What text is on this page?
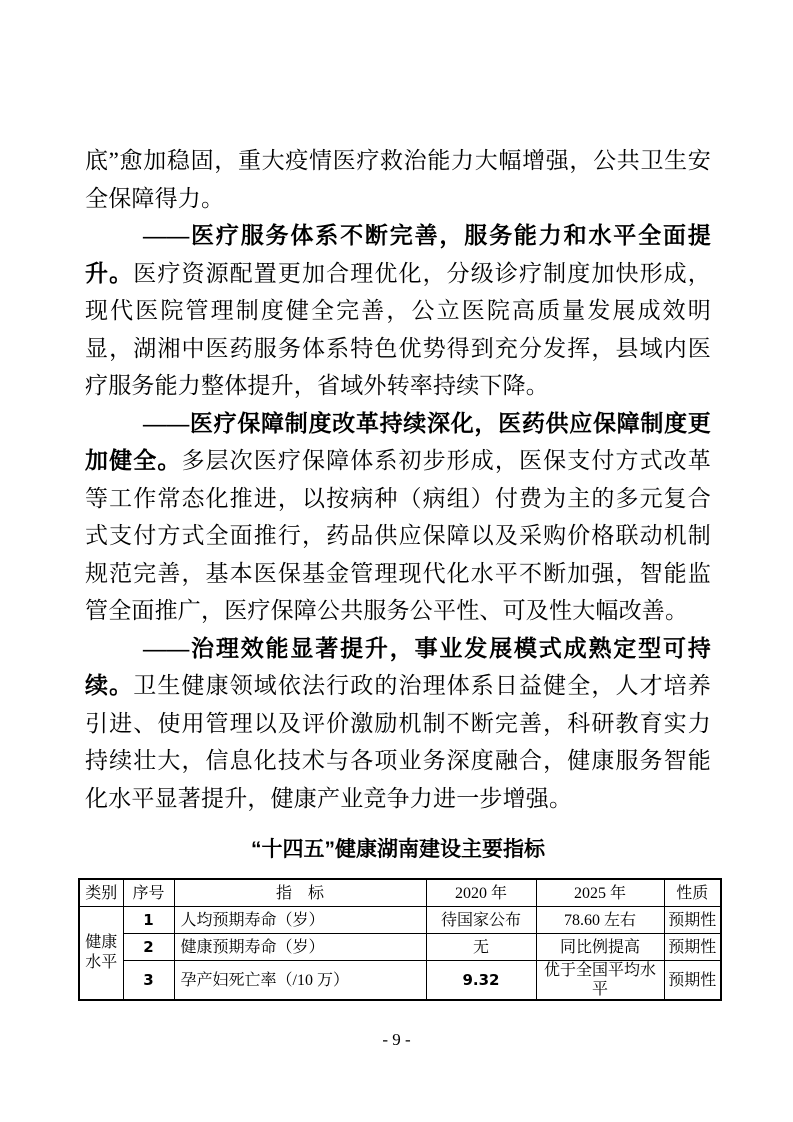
底”愈加稳固，重大疫情医疗救治能力大幅增强，公共卫生安全保障得力。

——医疗服务体系不断完善，服务能力和水平全面提升。医疗资源配置更加合理优化，分级诊疗制度加快形成，现代医院管理制度健全完善，公立医院高质量发展成效明显，湖湘中医药服务体系特色优势得到充分发挥，县域内医疗服务能力整体提升，省域外转率持续下降。

——医疗保障制度改革持续深化，医药供应保障制度更加健全。多层次医疗保障体系初步形成，医保支付方式改革等工作常态化推进，以按病种（病组）付费为主的多元复合式支付方式全面推行，药品供应保障以及采购价格联动机制规范完善，基本医保基金管理现代化水平不断加强，智能监管全面推广，医疗保障公共服务公平性、可及性大幅改善。

——治理效能显著提升，事业发展模式成熟定型可持续。卫生健康领域依法行政的治理体系日益健全，人才培养引进、使用管理以及评价激励机制不断完善，科研教育实力持续壮大，信息化技术与各项业务深度融合，健康服务智能化水平显著提升，健康产业竞争力进一步增强。

“十四五”健康湖南建设主要指标
类别	序号	指　标	2020 年	2025 年	性质
健康水平	1	人均预期寿命（岁）	待国家公布	78.60 左右	预期性
	2	健康预期寿命（岁）	无	同比例提高	预期性
	3	孕产妇死亡率（/10 万）	9.32	优于全国平均水平	预期性
- 9 -
